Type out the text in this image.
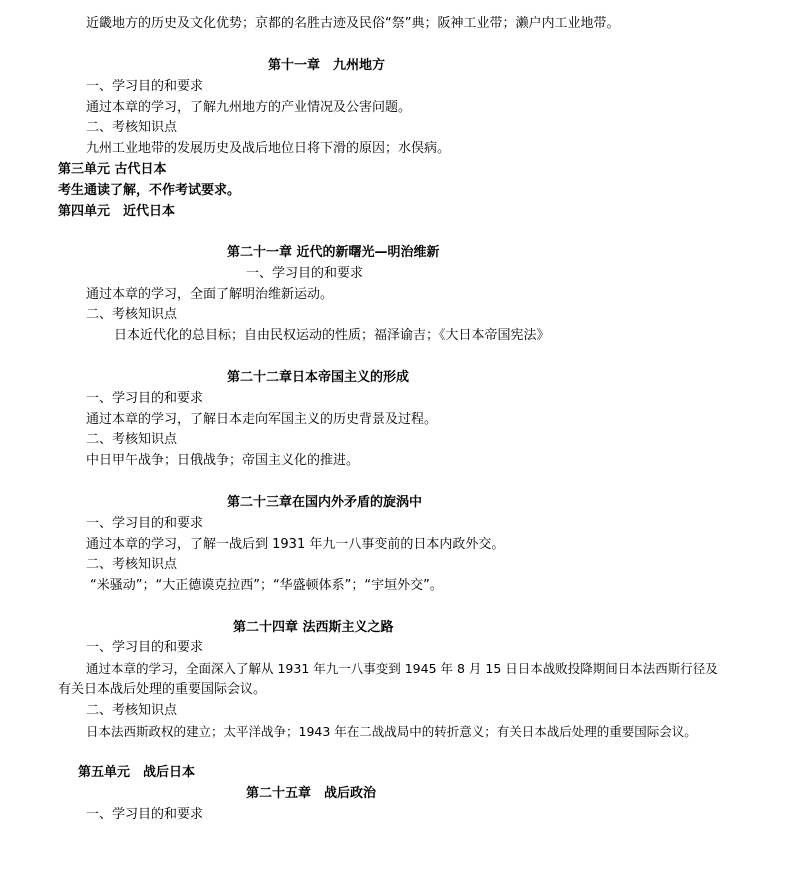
近畿地方的历史及文化优势；京都的名胜古迹及民俗“祭”典；阪神工业带；濑户内工业地带。
第十一章　九州地方
一、学习目的和要求
通过本章的学习，了解九州地方的产业情况及公害问题。
二、考核知识点
九州工业地带的发展历史及战后地位日将下滑的原因；水俣病。
第三单元 古代日本
考生通读了解，不作考试要求。
第四单元　近代日本
第二十一章 近代的新曙光—明治维新
一、学习目的和要求
通过本章的学习，全面了解明治维新运动。
二、考核知识点
日本近代化的总目标；自由民权运动的性质；福泽谕吉；《大日本帝国宪法》
第二十二章日本帝国主义的形成
一、学习目的和要求
通过本章的学习，了解日本走向军国主义的历史背景及过程。
二、考核知识点
中日甲午战争；日俄战争；帝国主义化的推进。
第二十三章在国内外矛盾的旋涡中
一、学习目的和要求
通过本章的学习，了解一战后到 1931 年九一八事变前的日本内政外交。
二、考核知识点
“米骚动”；“大正德谟克拉西”；“华盛顿体系”；“宇垣外交”。
第二十四章 法西斯主义之路
一、学习目的和要求
通过本章的学习，全面深入了解从 1931 年九一八事变到 1945 年 8 月 15 日日本战败投降期间日本法西斯行径及
有关日本战后处理的重要国际会议。
二、考核知识点
日本法西斯政权的建立；太平洋战争；1943 年在二战战局中的转折意义；有关日本战后处理的重要国际会议。
第五单元　战后日本
第二十五章　战后政治
一、学习目的和要求
